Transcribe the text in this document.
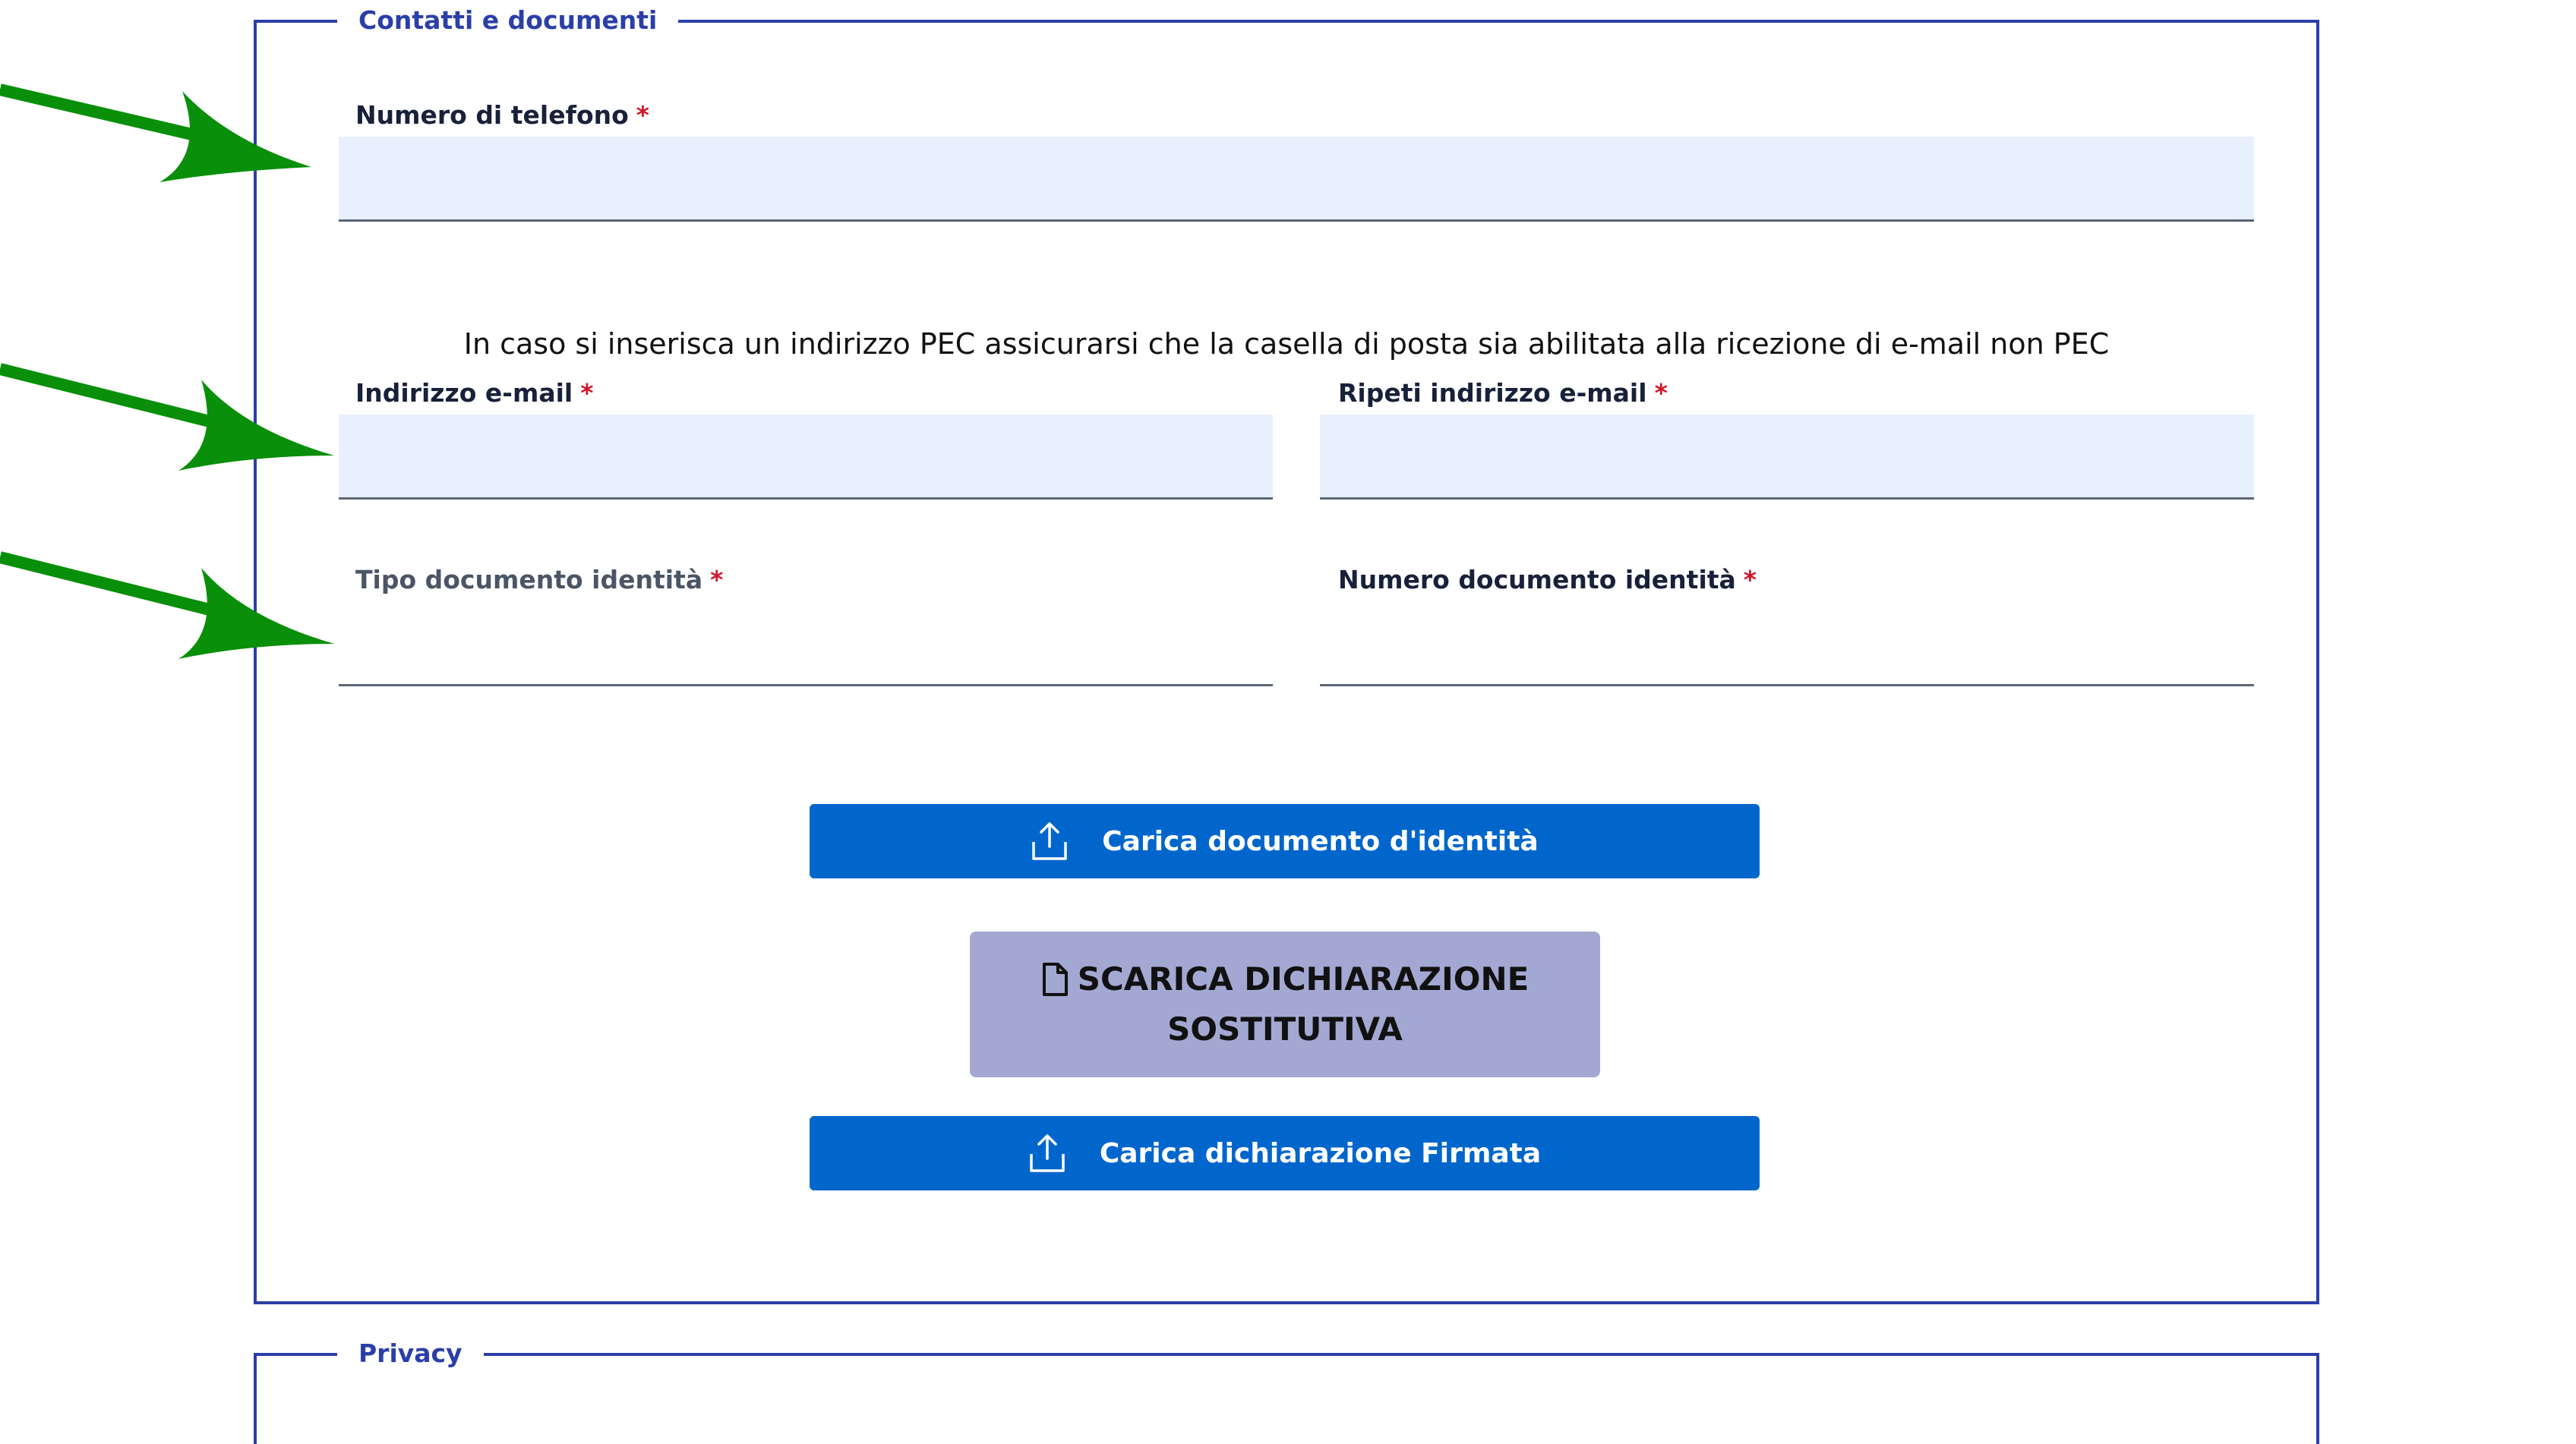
Contatti e documenti
Numero di telefono *
In caso si inserisca un indirizzo PEC assicurarsi che la casella di posta sia abilitata alla ricezione di e-mail non PEC
Indirizzo e-mail *	Ripeti indirizzo e-mail *
Tipo documento identità *	Numero documento identità *
Carica documento d'identità
SCARICA DICHIARAZIONE
SOSTITUTIVA
Carica dichiarazione Firmata
Privacy
